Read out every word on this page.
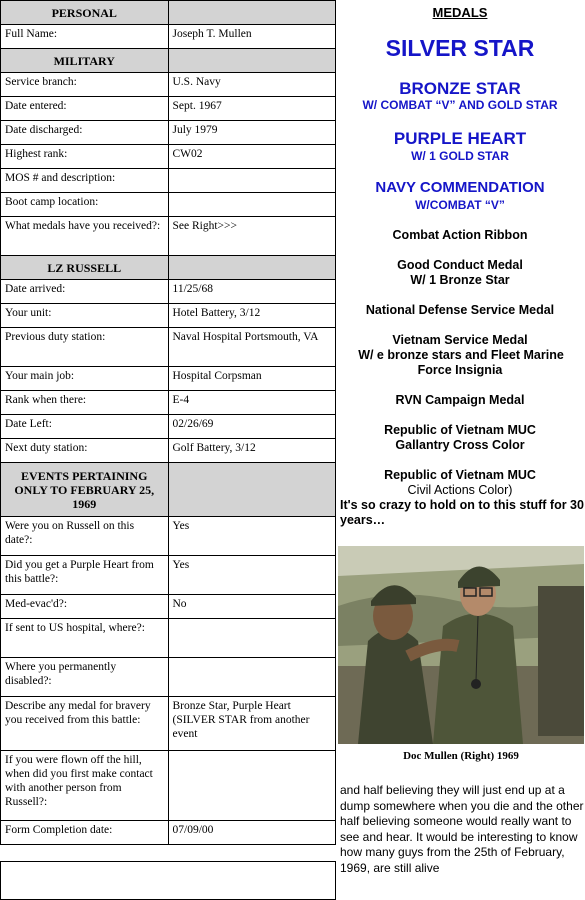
PERSONAL	
Full Name:	Joseph T. Mullen
MILITARY	
Service branch:	U.S. Navy
Date entered:	Sept. 1967
Date discharged:	July 1979
Highest rank:	CW02
MOS # and description:	
Boot camp location:	
What medals have you received?:	See Right>>>
LZ RUSSELL	
Date arrived:	11/25/68
Your unit:	Hotel Battery, 3/12
Previous duty station:	Naval Hospital Portsmouth, VA
Your main job:	Hospital Corpsman
Rank when there:	E-4
Date Left:	02/26/69
Next duty station:	Golf Battery, 3/12
EVENTS PERTAINING ONLY TO FEBRUARY 25, 1969	
Were you on Russell on this date?:	Yes
Did you get a Purple Heart from this battle?:	Yes
Med-evac'd?:	No
If sent to US hospital, where?:	
Where you permanently disabled?:	
Describe any medal for bravery you received from this battle:	Bronze Star, Purple Heart (SILVER STAR from another event
If you were flown off the hill, when did you first make contact with another person from Russell?:	
Form Completion date:	07/09/00
MEDALS
SILVER STAR
BRONZE STAR
W/ COMBAT “V” AND GOLD STAR
PURPLE HEART
W/ 1 GOLD STAR
NAVY COMMENDATION
W/COMBAT “V”
Combat Action Ribbon
Good Conduct Medal
W/ 1 Bronze Star
National Defense Service Medal
Vietnam Service Medal
W/ e bronze stars and Fleet Marine
Force Insignia
RVN Campaign Medal
Republic of Vietnam MUC
Gallantry Cross Color
Republic of Vietnam MUC
Civil Actions Color)
It's so crazy to hold on to this stuff for 30 years…
Doc Mullen (Right) 1969
and half believing they will just end up at a dump somewhere when you die and the other half believing someone would really want to see and hear. It would be interesting to know how many guys from the 25th of February, 1969, are still alive
